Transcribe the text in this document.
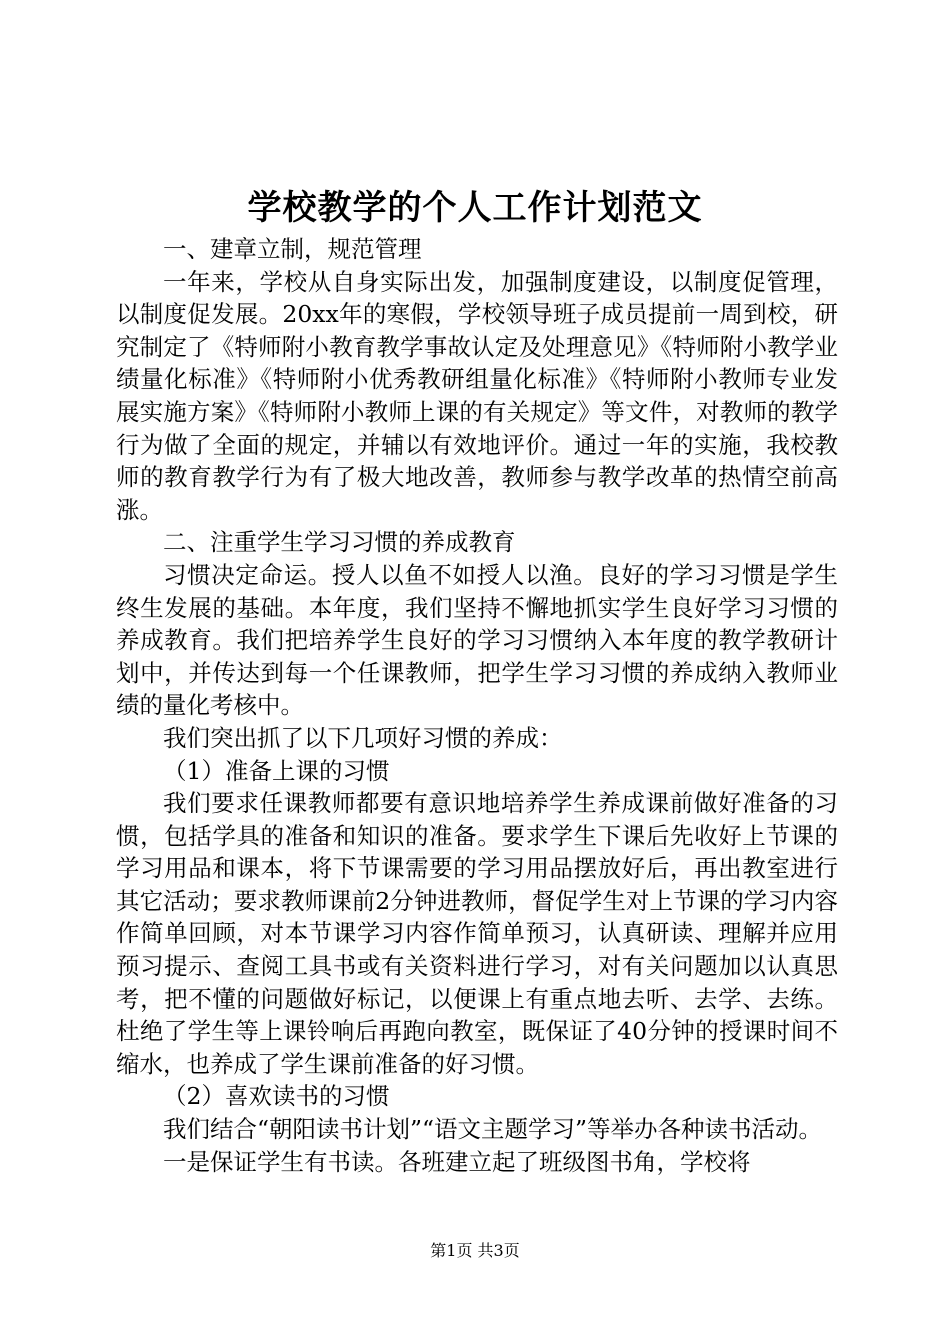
学校教学的个人工作计划范文

一、建章立制，规范管理

一年来，学校从自身实际出发，加强制度建设，以制度促管理，以制度促发展。20xx年的寒假，学校领导班子成员提前一周到校，研究制定了《特师附小教育教学事故认定及处理意见》《特师附小教学业绩量化标准》《特师附小优秀教研组量化标准》《特师附小教师专业发展实施方案》《特师附小教师上课的有关规定》等文件，对教师的教学行为做了全面的规定，并辅以有效地评价。通过一年的实施，我校教师的教育教学行为有了极大地改善，教师参与教学改革的热情空前高涨。

二、注重学生学习习惯的养成教育

习惯决定命运。授人以鱼不如授人以渔。良好的学习习惯是学生终生发展的基础。本年度，我们坚持不懈地抓实学生良好学习习惯的养成教育。我们把培养学生良好的学习习惯纳入本年度的教学教研计划中，并传达到每一个任课教师，把学生学习习惯的养成纳入教师业绩的量化考核中。

我们突出抓了以下几项好习惯的养成：

（1）准备上课的习惯

我们要求任课教师都要有意识地培养学生养成课前做好准备的习惯，包括学具的准备和知识的准备。要求学生下课后先收好上节课的学习用品和课本，将下节课需要的学习用品摆放好后，再出教室进行其它活动；要求教师课前2分钟进教师，督促学生对上节课的学习内容作简单回顾，对本节课学习内容作简单预习，认真研读、理解并应用预习提示、查阅工具书或有关资料进行学习，对有关问题加以认真思考，把不懂的问题做好标记，以便课上有重点地去听、去学、去练。杜绝了学生等上课铃响后再跑向教室，既保证了40分钟的授课时间不缩水，也养成了学生课前准备的好习惯。

（2）喜欢读书的习惯

我们结合“朝阳读书计划”“语文主题学习”等举办各种读书活动。

一是保证学生有书读。各班建立起了班级图书角，学校将

第1页 共3页
